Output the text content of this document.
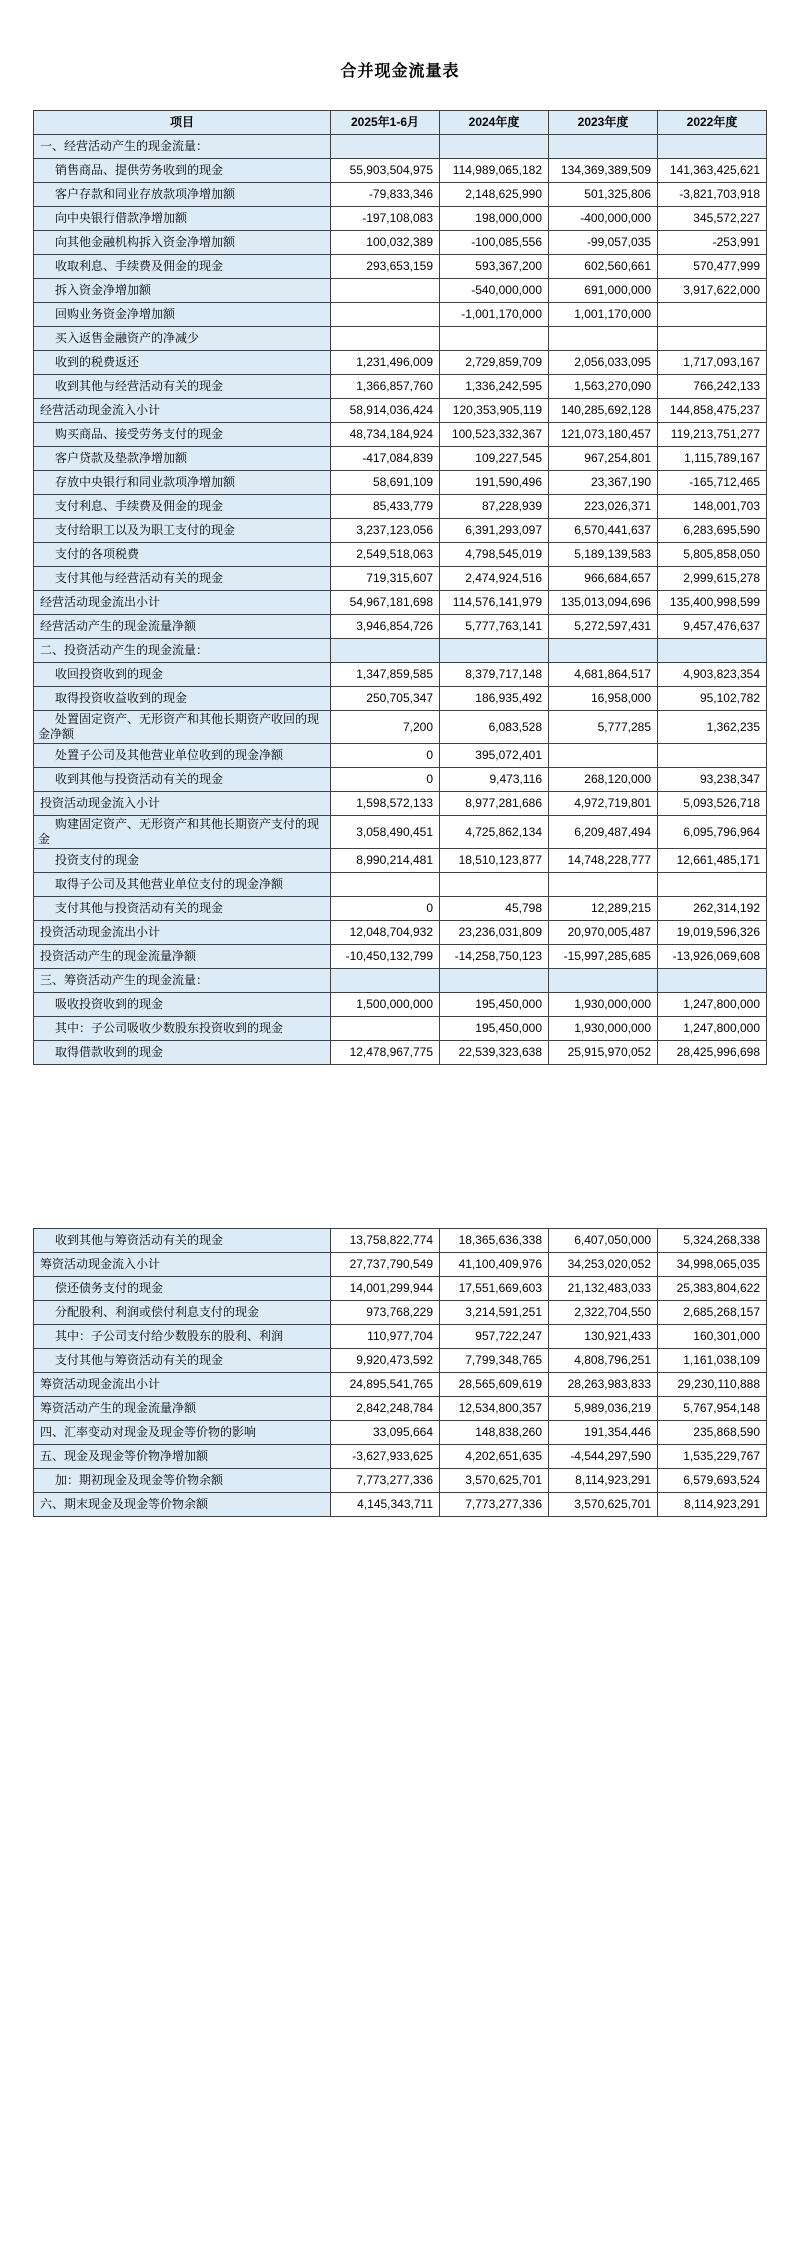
合并现金流量表
项目	2025年1-6月	2024年度	2023年度	2022年度
一、经营活动产生的现金流量：				
销售商品、提供劳务收到的现金	55,903,504,975	114,989,065,182	134,369,389,509	141,363,425,621
客户存款和同业存放款项净增加额	-79,833,346	2,148,625,990	501,325,806	-3,821,703,918
向中央银行借款净增加额	-197,108,083	198,000,000	-400,000,000	345,572,227
向其他金融机构拆入资金净增加额	100,032,389	-100,085,556	-99,057,035	-253,991
收取利息、手续费及佣金的现金	293,653,159	593,367,200	602,560,661	570,477,999
拆入资金净增加额		-540,000,000	691,000,000	3,917,622,000
回购业务资金净增加额		-1,001,170,000	1,001,170,000	
买入返售金融资产的净减少				
收到的税费返还	1,231,496,009	2,729,859,709	2,056,033,095	1,717,093,167
收到其他与经营活动有关的现金	1,366,857,760	1,336,242,595	1,563,270,090	766,242,133
经营活动现金流入小计	58,914,036,424	120,353,905,119	140,285,692,128	144,858,475,237
购买商品、接受劳务支付的现金	48,734,184,924	100,523,332,367	121,073,180,457	119,213,751,277
客户贷款及垫款净增加额	-417,084,839	109,227,545	967,254,801	1,115,789,167
存放中央银行和同业款项净增加额	58,691,109	191,590,496	23,367,190	-165,712,465
支付利息、手续费及佣金的现金	85,433,779	87,228,939	223,026,371	148,001,703
支付给职工以及为职工支付的现金	3,237,123,056	6,391,293,097	6,570,441,637	6,283,695,590
支付的各项税费	2,549,518,063	4,798,545,019	5,189,139,583	5,805,858,050
支付其他与经营活动有关的现金	719,315,607	2,474,924,516	966,684,657	2,999,615,278
经营活动现金流出小计	54,967,181,698	114,576,141,979	135,013,094,696	135,400,998,599
经营活动产生的现金流量净额	3,946,854,726	5,777,763,141	5,272,597,431	9,457,476,637
二、投资活动产生的现金流量：				
收回投资收到的现金	1,347,859,585	8,379,717,148	4,681,864,517	4,903,823,354
取得投资收益收到的现金	250,705,347	186,935,492	16,958,000	95,102,782
处置固定资产、无形资产和其他长期资产收回的现金净额	7,200	6,083,528	5,777,285	1,362,235
处置子公司及其他营业单位收到的现金净额	0	395,072,401		
收到其他与投资活动有关的现金	0	9,473,116	268,120,000	93,238,347
投资活动现金流入小计	1,598,572,133	8,977,281,686	4,972,719,801	5,093,526,718
购建固定资产、无形资产和其他长期资产支付的现金	3,058,490,451	4,725,862,134	6,209,487,494	6,095,796,964
投资支付的现金	8,990,214,481	18,510,123,877	14,748,228,777	12,661,485,171
取得子公司及其他营业单位支付的现金净额				
支付其他与投资活动有关的现金	0	45,798	12,289,215	262,314,192
投资活动现金流出小计	12,048,704,932	23,236,031,809	20,970,005,487	19,019,596,326
投资活动产生的现金流量净额	-10,450,132,799	-14,258,750,123	-15,997,285,685	-13,926,069,608
三、筹资活动产生的现金流量：				
吸收投资收到的现金	1,500,000,000	195,450,000	1,930,000,000	1,247,800,000
其中：子公司吸收少数股东投资收到的现金		195,450,000	1,930,000,000	1,247,800,000
取得借款收到的现金	12,478,967,775	22,539,323,638	25,915,970,052	28,425,996,698
收到其他与筹资活动有关的现金	13,758,822,774	18,365,636,338	6,407,050,000	5,324,268,338
筹资活动现金流入小计	27,737,790,549	41,100,409,976	34,253,020,052	34,998,065,035
偿还债务支付的现金	14,001,299,944	17,551,669,603	21,132,483,033	25,383,804,622
分配股利、利润或偿付利息支付的现金	973,768,229	3,214,591,251	2,322,704,550	2,685,268,157
其中：子公司支付给少数股东的股利、利润	110,977,704	957,722,247	130,921,433	160,301,000
支付其他与筹资活动有关的现金	9,920,473,592	7,799,348,765	4,808,796,251	1,161,038,109
筹资活动现金流出小计	24,895,541,765	28,565,609,619	28,263,983,833	29,230,110,888
筹资活动产生的现金流量净额	2,842,248,784	12,534,800,357	5,989,036,219	5,767,954,148
四、汇率变动对现金及现金等价物的影响	33,095,664	148,838,260	191,354,446	235,868,590
五、现金及现金等价物净增加额	-3,627,933,625	4,202,651,635	-4,544,297,590	1,535,229,767
加：期初现金及现金等价物余额	7,773,277,336	3,570,625,701	8,114,923,291	6,579,693,524
六、期末现金及现金等价物余额	4,145,343,711	7,773,277,336	3,570,625,701	8,114,923,291
